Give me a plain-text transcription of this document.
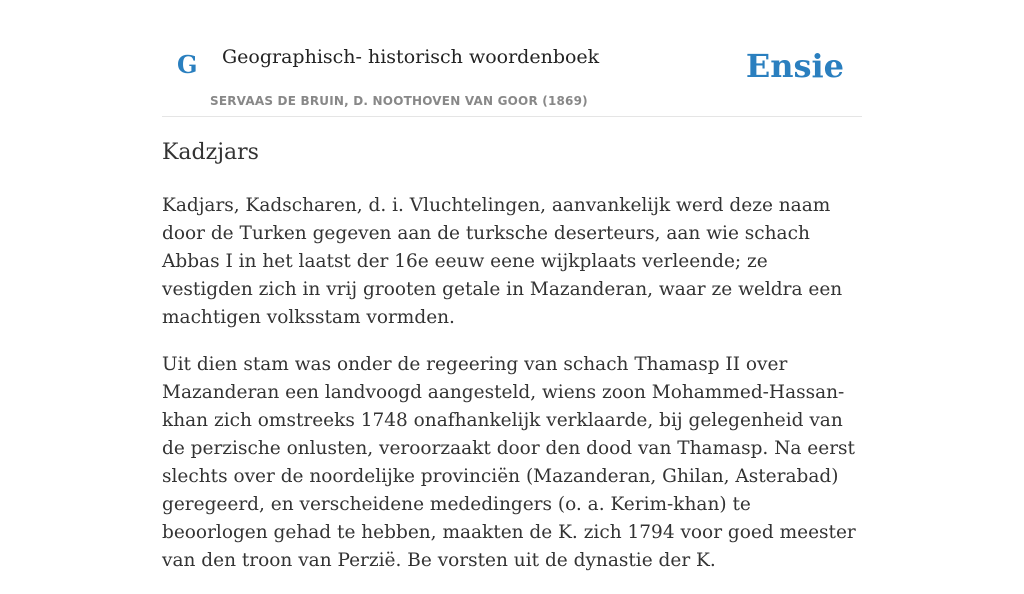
G Geographisch- historisch woordenboek
SERVAAS DE BRUIN, D. NOOTHOVEN VAN GOOR (1869)
Ensie
Kadzjars

Kadjars, Kadscharen, d. i. Vluchtelingen, aanvankelijk werd deze naam door de Turken gegeven aan de turksche deserteurs, aan wie schach Abbas I in het laatst der 16e eeuw eene wijkplaats verleende; ze vestigden zich in vrij grooten getale in Mazanderan, waar ze weldra een machtigen volksstam vormden.

Uit dien stam was onder de regeering van schach Thamasp II over Mazanderan een landvoogd aangesteld, wiens zoon Mohammed-Hassan-khan zich omstreeks 1748 onafhankelijk verklaarde, bij gelegenheid van de perzische onlusten, veroorzaakt door den dood van Thamasp. Na eerst slechts over de noordelijke provinciën (Mazanderan, Ghilan, Asterabad) geregeerd, en verscheidene mededingers (o. a. Kerim-khan) te beoorlogen gehad te hebben, maakten de K. zich 1794 voor goed meester van den troon van Perzië. Be vorsten uit de dynastie der K.
